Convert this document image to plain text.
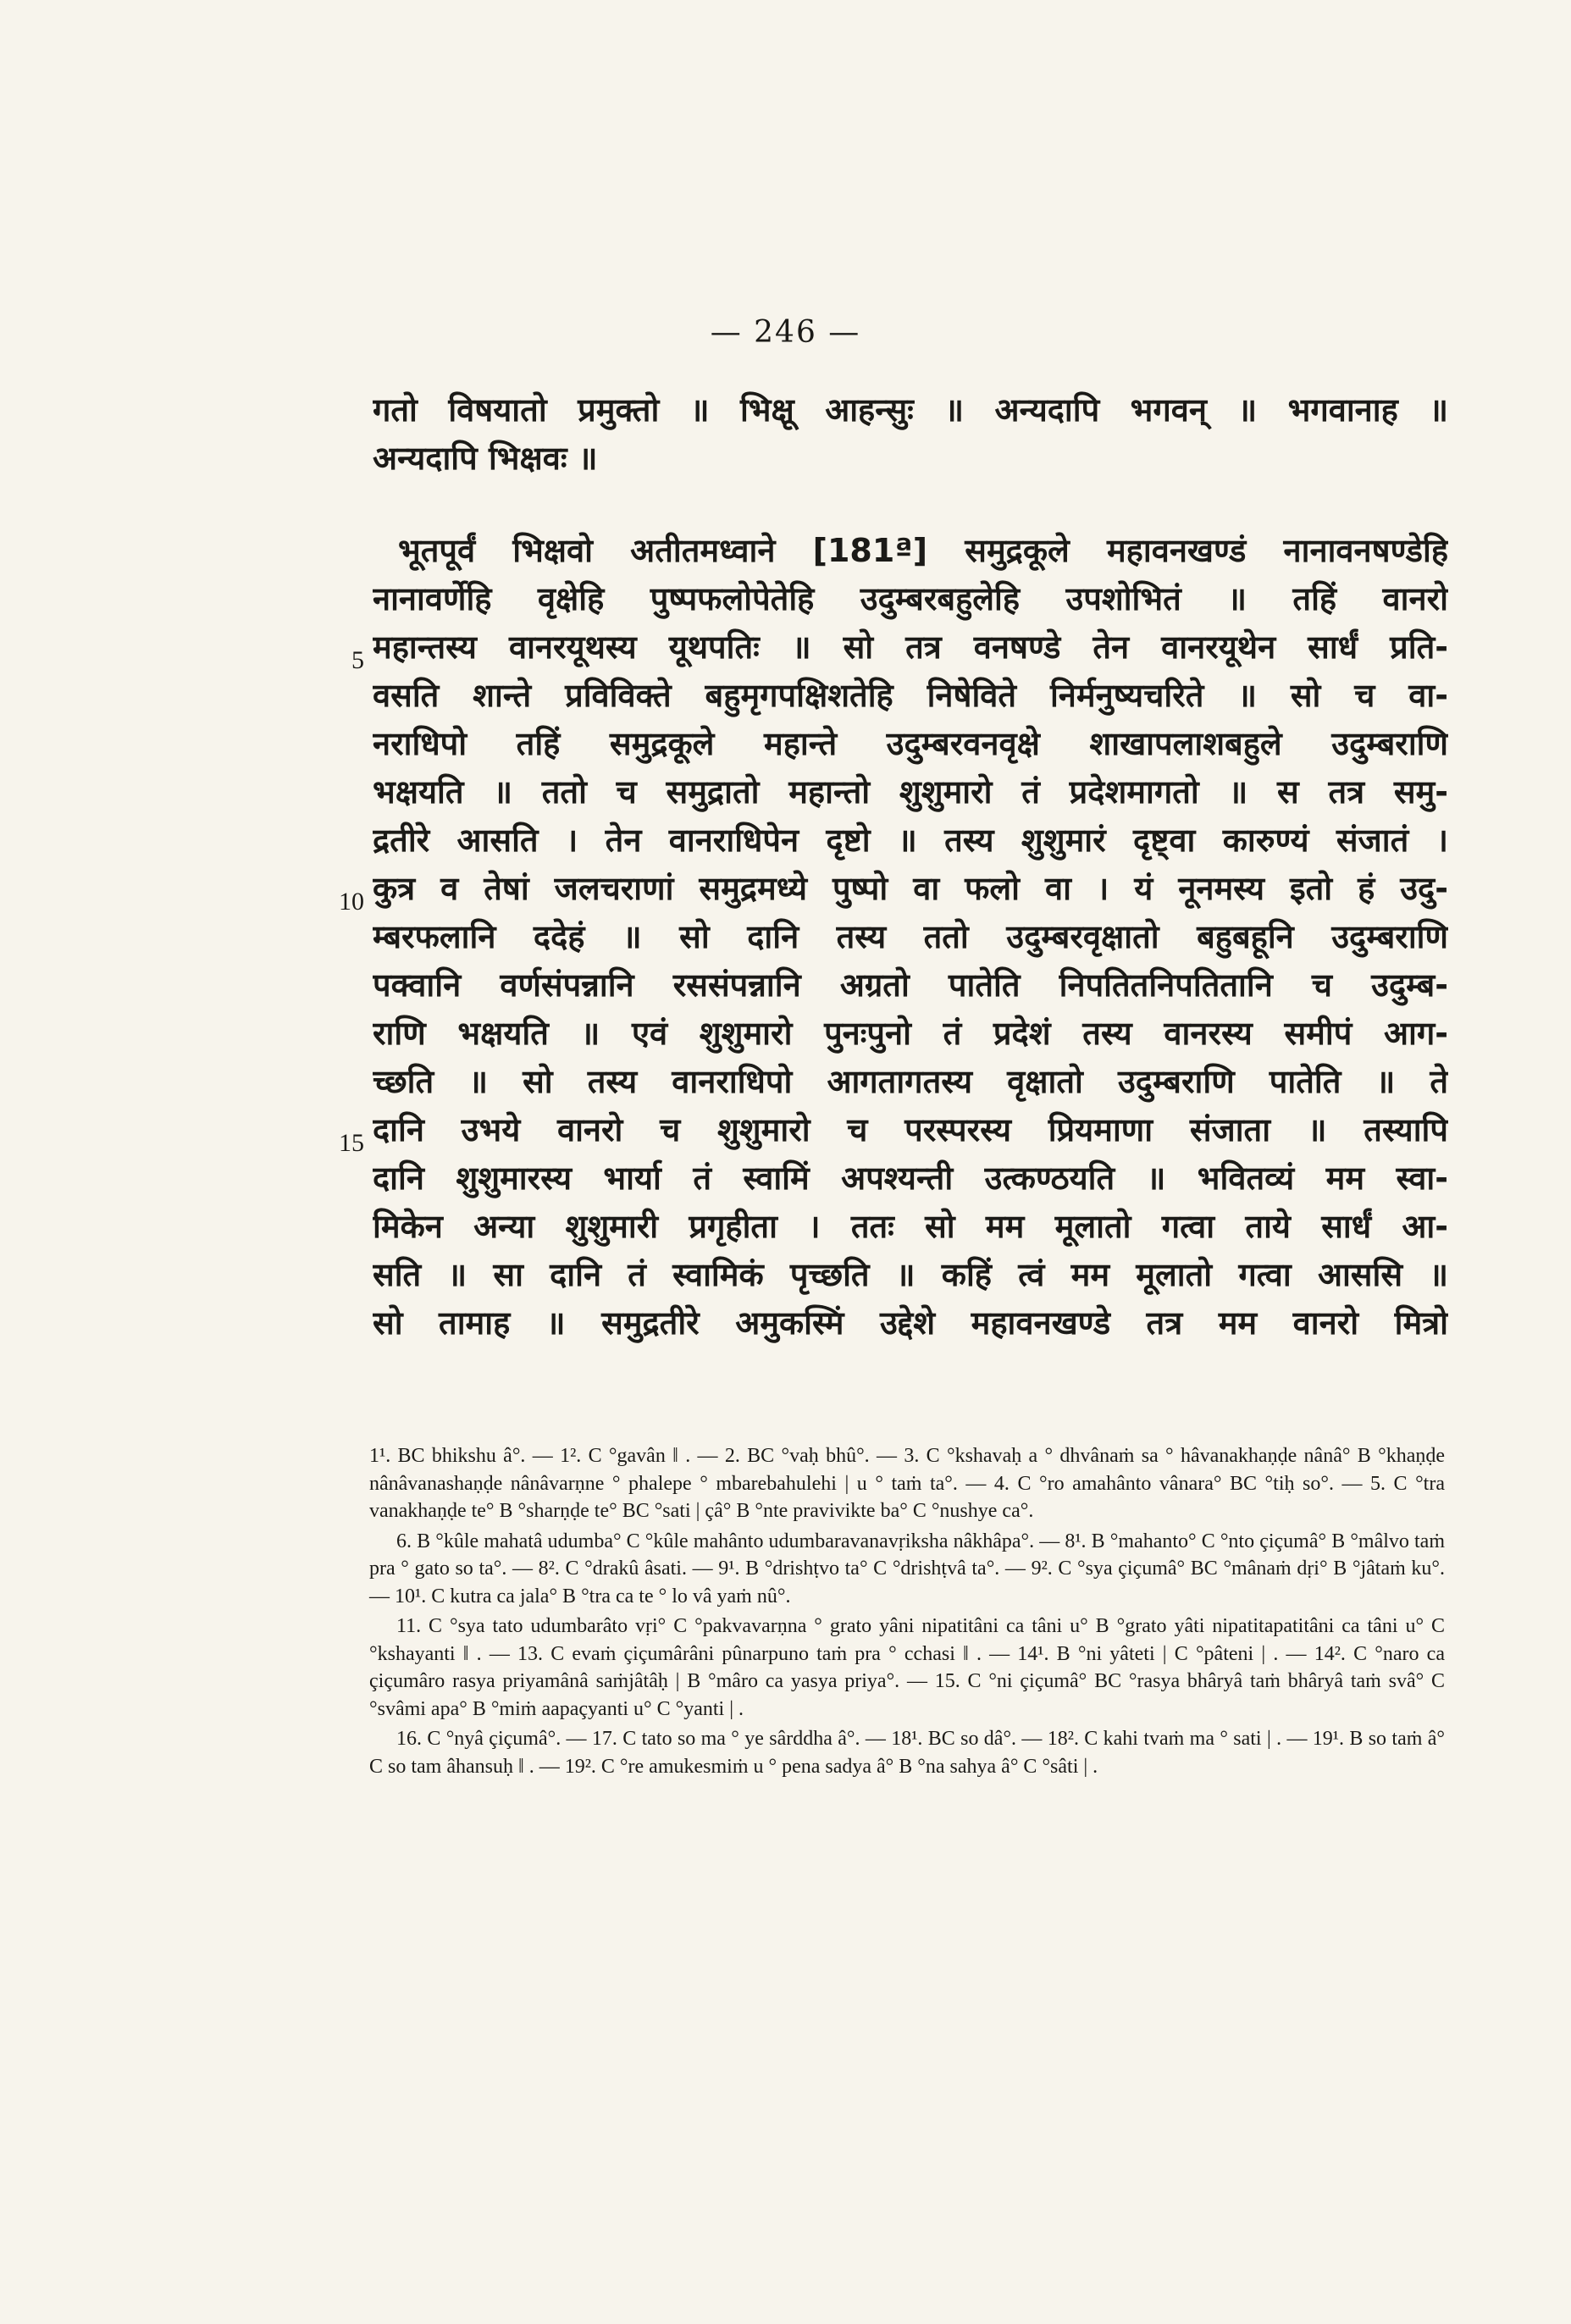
— 246 —
गतो विषयातो प्रमुक्तो ॥ भिक्षू आहन्सुः ॥ अन्यदापि भगवन् ॥ भगवानाह ॥
अन्यदापि भिक्षवः ॥
भूतपूर्वं भिक्षवो अतीतमध्वाने [181ª] समुद्रकूले महावनखण्डं नानावनषण्डेहि
नानावर्णेहि वृक्षेहि पुष्पफलोपेतेहि उदुम्बरबहुलेहि उपशोभितं ॥ तहिं वानरो
महान्तस्य वानरयूथस्य यूथपतिः ॥ सो तत्र वनषण्डे तेन वानरयूथेन सार्धं प्रति-
वसति शान्ते प्रविविक्ते बहुमृगपक्षिशतेहि निषेविते निर्मनुष्यचरिते ॥ सो च वा-
नराधिपो तहिं समुद्रकूले महान्ते उदुम्बरवनवृक्षे शाखापलाशबहुले उदुम्बराणि
भक्षयति ॥ ततो च समुद्रातो महान्तो शुशुमारो तं प्रदेशमागतो ॥ स तत्र समु-
द्रतीरे आसति । तेन वानराधिपेन दृष्टो ॥ तस्य शुशुमारं दृष्ट्वा कारुण्यं संजातं ।
कुत्र व तेषां जलचराणां समुद्रमध्ये पुष्पो वा फलो वा । यं नूनमस्य इतो हं उदु-
म्बरफलानि ददेहं ॥ सो दानि तस्य ततो उदुम्बरवृक्षातो बहुबहूनि उदुम्बराणि
पक्वानि वर्णसंपन्नानि रससंपन्नानि अग्रतो पातेति निपतितनिपतितानि च उदुम्ब-
राणि भक्षयति ॥ एवं शुशुमारो पुनःपुनो तं प्रदेशं तस्य वानरस्य समीपं आग-
च्छति ॥ सो तस्य वानराधिपो आगतागतस्य वृक्षातो उदुम्बराणि पातेति ॥ ते
दानि उभये वानरो च शुशुमारो च परस्परस्य प्रियमाणा संजाता ॥ तस्यापि
दानि शुशुमारस्य भार्या तं स्वामिं अपश्यन्ती उत्कण्ठयति ॥ भवितव्यं मम स्वा-
मिकेन अन्या शुशुमारी प्रगृहीता । ततः सो मम मूलातो गत्वा ताये सार्धं आ-
सति ॥ सा दानि तं स्वामिकं पृच्छति ॥ कहिं त्वं मम मूलातो गत्वा आससि ॥
सो तामाह ॥ समुद्रतीरे अमुकस्मिं उद्देशे महावनखण्डे तत्र मम वानरो मित्रो
5
10
15

1¹. BC bhikshu â°. — 1². C °gavân ‖ . — 2. BC °vaḥ bhû°. — 3. C °kshavaḥ a ° dhvânaṁ sa ° hâvanakhaṇḍe nânâ° B °khaṇḍe nânâvanashaṇḍe nânâvarṇne ° phalepe ° mbarebahulehi | u ° taṁ ta°. — 4. C °ro amahânto vânara° BC °tiḥ so°. — 5. C °tra vanakhaṇḍe te° B °sharṇḍe te° BC °sati | çâ° B °nte pravivikte ba° C °nushye ca°.

6. B °kûle mahatâ udumba° C °kûle mahânto udumbaravanavṛiksha nâkhâpa°. — 8¹. B °mahanto° C °nto çiçumâ° B °mâlvo taṁ pra ° gato so ta°. — 8². C °drakû âsati. — 9¹. B °drishṭvo ta° C °drishṭvâ ta°. — 9². C °sya çiçumâ° BC °mânaṁ dṛi° B °jâtaṁ ku°. — 10¹. C kutra ca jala° B °tra ca te ° lo vâ yaṁ nû°.

11. C °sya tato udumbarâto vṛi° C °pakvavarṇna ° grato yâni nipatitâni ca tâni u° B °grato yâti nipatitapatitâni ca tâni u° C °kshayanti ‖ . — 13. C evaṁ çiçumârâni pûnarpuno taṁ pra ° cchasi ‖ . — 14¹. B °ni yâteti | C °pâteni | . — 14². C °naro ca çiçumâro rasya priyamânâ saṁjâtâḥ | B °mâro ca yasya priya°. — 15. C °ni çiçumâ° BC °rasya bhâryâ taṁ bhâryâ taṁ svâ° C °svâmi apa° B °miṁ aapaçyanti u° C °yanti | .

16. C °nyâ çiçumâ°. — 17. C tato so ma ° ye sârddha â°. — 18¹. BC so dâ°. — 18². C kahi tvaṁ ma ° sati | . — 19¹. B so taṁ â° C so tam âhansuḥ ‖ . — 19². C °re amukesmiṁ u ° pena sadya â° B °na sahya â° C °sâti | .
